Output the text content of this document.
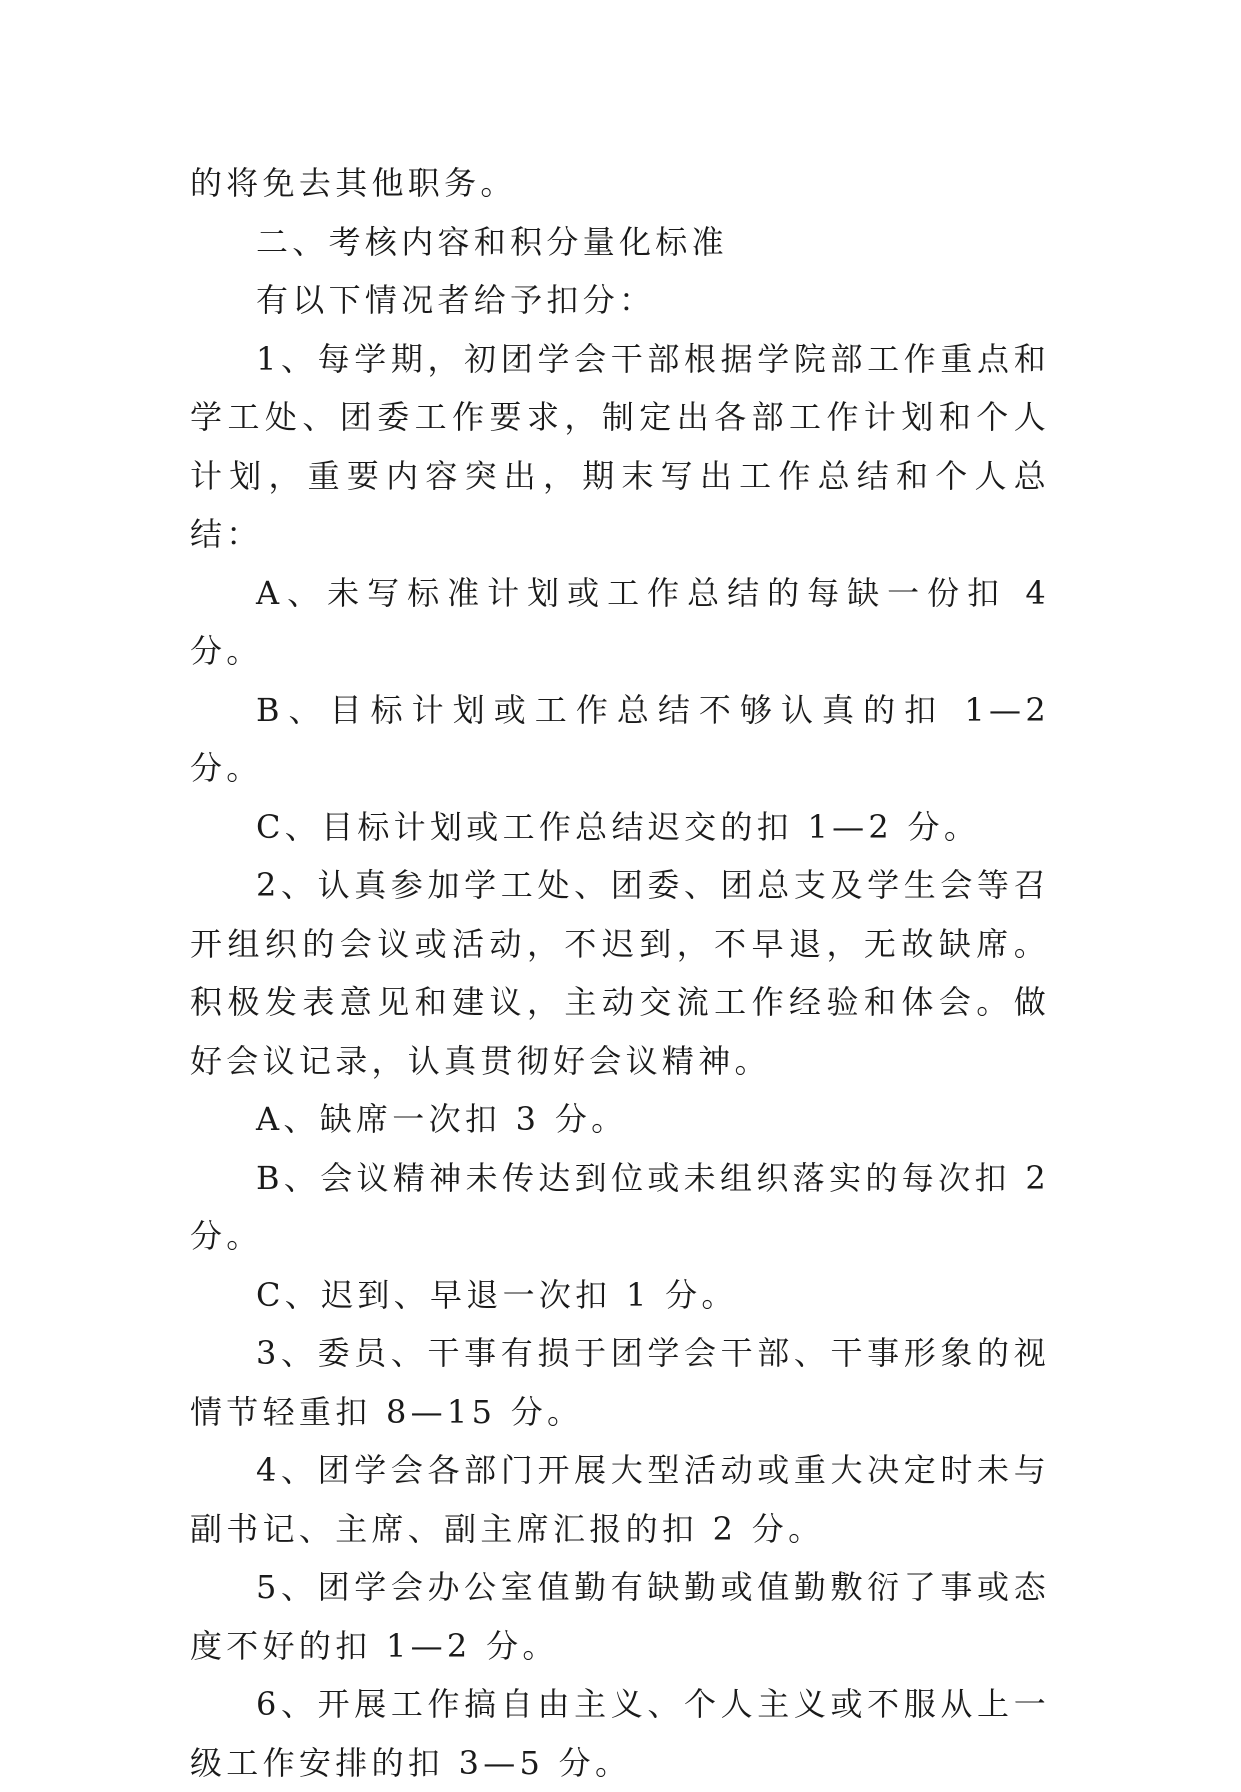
的将免去其他职务。

二、考核内容和积分量化标准

有以下情况者给予扣分：

1、每学期，初团学会干部根据学院部工作重点和学工处、团委工作要求，制定出各部工作计划和个人计划，重要内容突出，期末写出工作总结和个人总结：

A、未写标准计划或工作总结的每缺一份扣 4 分。

B、目标计划或工作总结不够认真的扣 1—2 分。

C、目标计划或工作总结迟交的扣 1—2 分。

2、认真参加学工处、团委、团总支及学生会等召开组织的会议或活动，不迟到，不早退，无故缺席。积极发表意见和建议，主动交流工作经验和体会。做好会议记录，认真贯彻好会议精神。

A、缺席一次扣 3 分。

B、会议精神未传达到位或未组织落实的每次扣 2 分。

C、迟到、早退一次扣 1 分。

3、委员、干事有损于团学会干部、干事形象的视情节轻重扣 8—15 分。

4、团学会各部门开展大型活动或重大决定时未与副书记、主席、副主席汇报的扣 2 分。

5、团学会办公室值勤有缺勤或值勤敷衍了事或态度不好的扣 1—2 分。

6、开展工作搞自由主义、个人主义或不服从上一级工作安排的扣 3—5 分。
